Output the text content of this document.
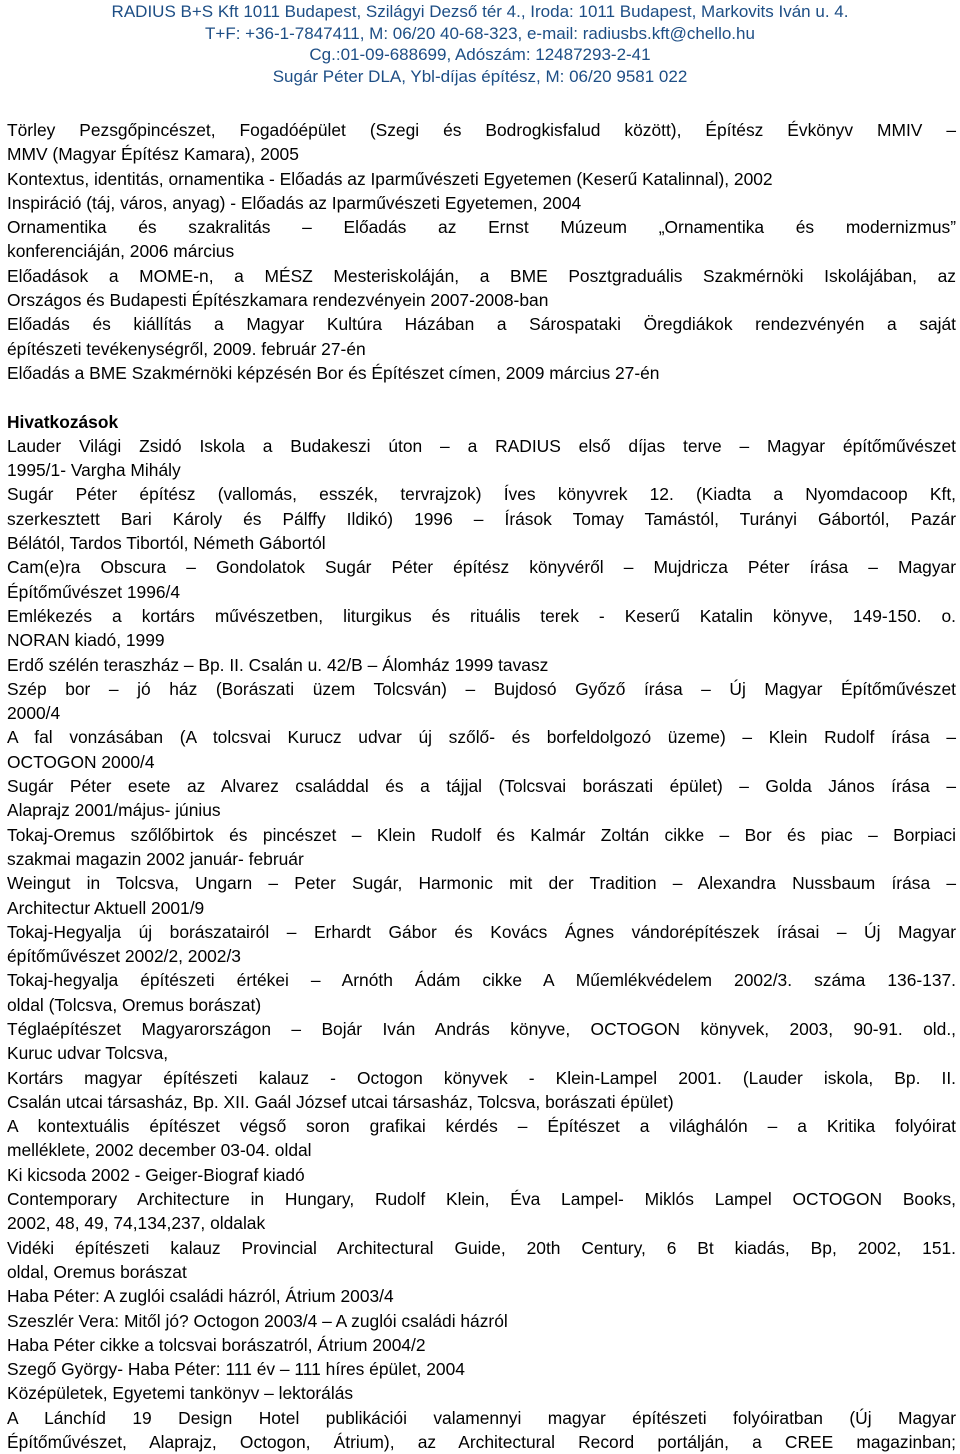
RADIUS B+S Kft 1011 Budapest, Szilágyi Dezső tér 4., Iroda: 1011 Budapest, Markovits Iván u. 4.
T+F: +36-1-7847411, M: 06/20 40-68-323, e-mail: radiusbs.kft@chello.hu
Cg.:01-09-688699, Adószám: 12487293-2-41
Sugár Péter DLA, Ybl-díjas építész, M: 06/20 9581 022
Törley Pezsgőpincészet, Fogadóépület (Szegi és Bodrogkisfalud között), Építész Évkönyv MMIV –
MMV (Magyar Építész Kamara), 2005
Kontextus, identitás, ornamentika - Előadás az Iparművészeti Egyetemen (Keserű Katalinnal), 2002
Inspiráció (táj, város, anyag) - Előadás az Iparművészeti Egyetemen, 2004
Ornamentika és szakralitás – Előadás az Ernst Múzeum „Ornamentika és modernizmus”
konferenciáján, 2006 március
Előadások a MOME-n, a MÉSZ Mesteriskoláján, a BME Posztgraduális Szakmérnöki Iskolájában, az
Országos és Budapesti Építészkamara rendezvényein 2007-2008-ban
Előadás és kiállítás a Magyar Kultúra Házában a Sárospataki Öregdiákok rendezvényén a saját
építészeti tevékenységről, 2009. február 27-én
Előadás a BME Szakmérnöki képzésén Bor és Építészet címen, 2009 március 27-én
Hivatkozások
Lauder Világi Zsidó Iskola a Budakeszi úton – a RADIUS első díjas terve – Magyar építőművészet
1995/1- Vargha Mihály
Sugár Péter építész (vallomás, esszék, tervrajzok) Íves könyvrek 12. (Kiadta a Nyomdacoop Kft,
szerkesztett Bari Károly és Pálffy Ildikó) 1996 – Írások Tomay Tamástól, Turányi Gábortól, Pazár
Bélától, Tardos Tibortól, Németh Gábortól
Cam(e)ra Obscura – Gondolatok Sugár Péter építész könyvéről – Mujdricza Péter írása – Magyar
Építőművészet 1996/4
Emlékezés a kortárs művészetben, liturgikus és rituális terek - Keserű Katalin könyve, 149-150. o.
NORAN kiadó, 1999
Erdő szélén teraszház – Bp. II. Csalán u. 42/B – Álomház 1999 tavasz
Szép bor – jó ház (Borászati üzem Tolcsván) – Bujdosó Győző írása – Új Magyar Építőművészet
2000/4
A fal vonzásában (A tolcsvai Kurucz udvar új szőlő- és borfeldolgozó üzeme) – Klein Rudolf írása –
OCTOGON 2000/4
Sugár Péter esete az Alvarez családdal és a tájjal (Tolcsvai borászati épület) – Golda János írása –
Alaprajz 2001/május- június
Tokaj-Oremus szőlőbirtok és pincészet – Klein Rudolf és Kalmár Zoltán cikke – Bor és piac – Borpiaci
szakmai magazin 2002 január- február
Weingut in Tolcsva, Ungarn – Peter Sugár, Harmonic mit der Tradition – Alexandra Nussbaum írása –
Architectur Aktuell 2001/9
Tokaj-Hegyalja új borászatairól – Erhardt Gábor és Kovács Ágnes vándorépítészek írásai – Új Magyar
építőművészet 2002/2, 2002/3
Tokaj-hegyalja építészeti értékei – Arnóth Ádám cikke A Műemlékvédelem 2002/3. száma 136-137.
oldal (Tolcsva, Oremus borászat)
Téglaépítészet Magyarországon – Bojár Iván András könyve, OCTOGON könyvek, 2003, 90-91. old.,
Kuruc udvar Tolcsva,
Kortárs magyar építészeti kalauz - Octogon könyvek - Klein-Lampel 2001. (Lauder iskola, Bp. II.
Csalán utcai társasház, Bp. XII. Gaál József utcai társasház, Tolcsva, borászati épület)
A kontextuális építészet végső soron grafikai kérdés – Építészet a világhálón – a Kritika folyóirat
melléklete, 2002 december 03-04. oldal
Ki kicsoda 2002 - Geiger-Biograf kiadó
Contemporary Architecture in Hungary, Rudolf Klein, Éva Lampel- Miklós Lampel OCTOGON Books,
2002, 48, 49, 74,134,237, oldalak
Vidéki építészeti kalauz Provincial Architectural Guide, 20th Century, 6 Bt kiadás, Bp, 2002, 151.
oldal, Oremus borászat
Haba Péter: A zuglói családi házról, Átrium 2003/4
Szeszlér Vera: Mitől jó? Octogon 2003/4 – A zuglói családi házról
Haba Péter cikke a tolcsvai borászatról, Átrium 2004/2
Szegő György- Haba Péter: 111 év – 111 híres épület, 2004
Középületek, Egyetemi tankönyv – lektorálás
A Lánchíd 19 Design Hotel publikációi valamennyi magyar építészeti folyóiratban (Új Magyar
Építőművészet, Alaprajz, Octogon, Átrium), az Architectural Record portálján, a CREE magazinban;
